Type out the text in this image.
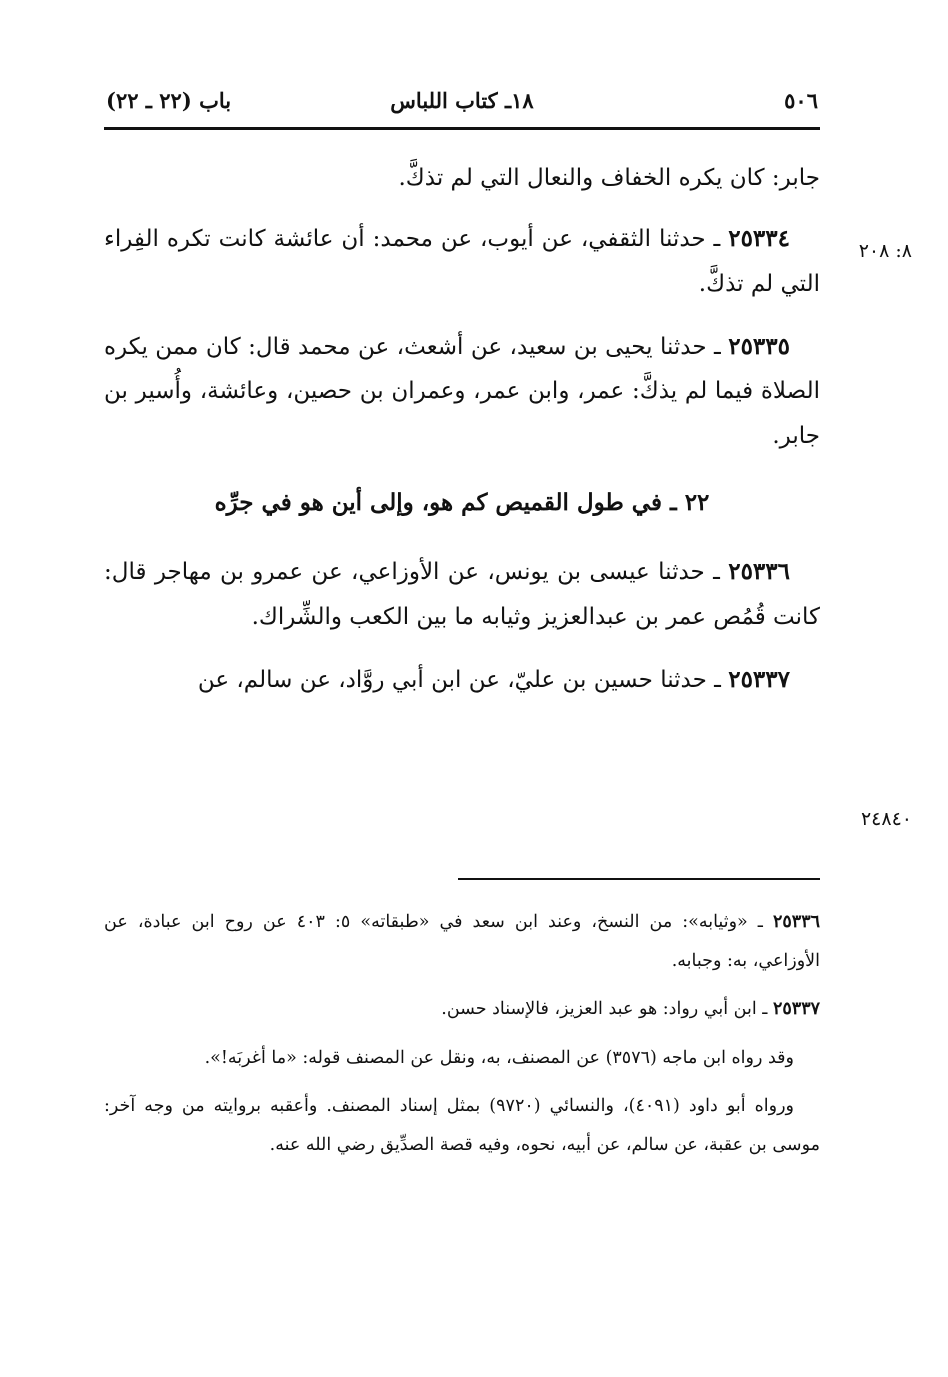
٥٠٦
١٨ـ كتاب اللباس
باب (٢٢ ـ ٢٢)
٨: ٢٠٨
٢٤٨٤٠

جابر: كان يكره الخفاف والنعال التي لم تذكَّ.

٢٥٣٣٤ ـ حدثنا الثقفي، عن أيوب، عن محمد: أن عائشة كانت تكره الفِراء التي لم تذكَّ.

٢٥٣٣٥ ـ حدثنا يحيى بن سعيد، عن أشعث، عن محمد قال: كان ممن يكره الصلاة فيما لم يذكَّ: عمر، وابن عمر، وعمران بن حصين، وعائشة، وأُسير بن جابر.

٢٢ ـ في طول القميص كم هو، وإلى أين هو في جرِّه

٢٥٣٣٦ ـ حدثنا عيسى بن يونس، عن الأوزاعي، عن عمرو بن مهاجر قال: كانت قُمُص عمر بن عبدالعزيز وثيابه ما بين الكعب والشِّراك.

٢٥٣٣٧ ـ حدثنا حسين بن عليّ، عن ابن أبي روَّاد، عن سالم، عن

٢٥٣٣٦ ـ «وثيابه»: من النسخ، وعند ابن سعد في «طبقاته» ٥: ٤٠٣ عن روح ابن عبادة، عن الأوزاعي، به: وجبابه.

٢٥٣٣٧ ـ ابن أبي رواد: هو عبد العزيز، فالإسناد حسن.

وقد رواه ابن ماجه (٣٥٧٦) عن المصنف، به، ونقل عن المصنف قوله: «ما أغربَه!».

ورواه أبو داود (٤٠٩١)، والنسائي (٩٧٢٠) بمثل إسناد المصنف. وأعقبه بروايته من وجه آخر: موسى بن عقبة، عن سالم، عن أبيه، نحوه، وفيه قصة الصدِّيق رضي الله عنه.
